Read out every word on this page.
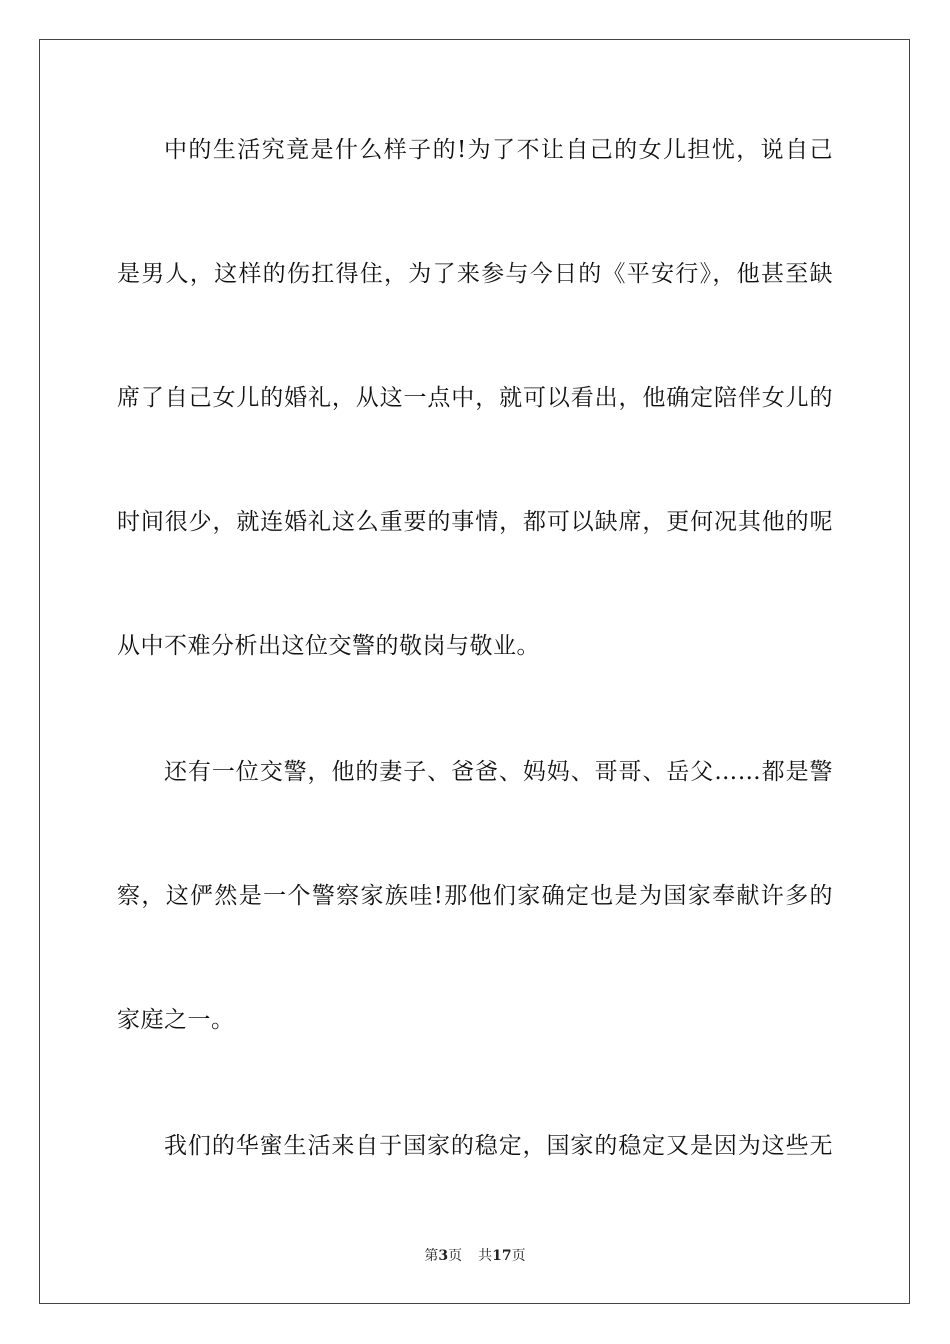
中的生活究竟是什么样子的!为了不让自己的女儿担忧，说自己
是男人，这样的伤扛得住，为了来参与今日的《平安行》，他甚至缺
席了自己女儿的婚礼，从这一点中，就可以看出，他确定陪伴女儿的
时间很少，就连婚礼这么重要的事情，都可以缺席，更何况其他的呢
从中不难分析出这位交警的敬岗与敬业。
还有一位交警，他的妻子、爸爸、妈妈、哥哥、岳父……都是警
察，这俨然是一个警察家族哇!那他们家确定也是为国家奉献许多的
家庭之一。
我们的华蜜生活来自于国家的稳定，国家的稳定又是因为这些无
第3页 共17页
